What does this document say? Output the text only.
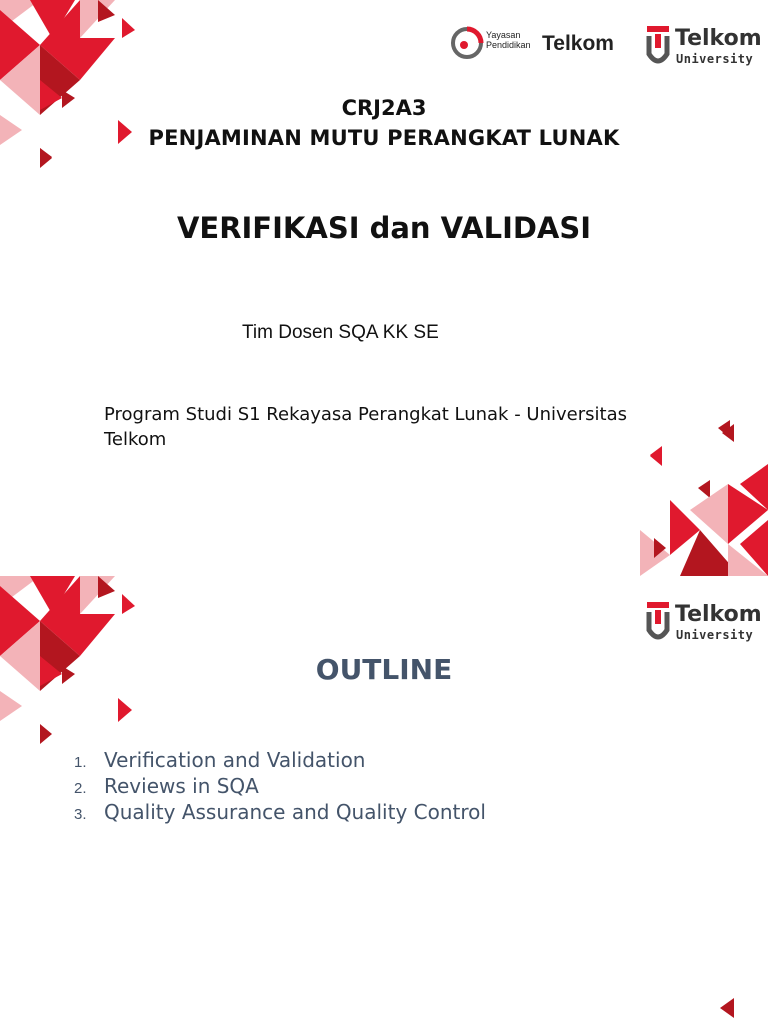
Yayasan
Pendidikan Telkom	Telkom
University
CRJ2A3
PENJAMINAN MUTU PERANGKAT LUNAK
VERIFIKASI dan VALIDASI
Tim Dosen SQA KK SE
Program Studi S1 Rekayasa Perangkat Lunak - Universitas Telkom
Telkom
University
OUTLINE
1. Verification and Validation
2. Reviews in SQA
3. Quality Assurance and Quality Control
